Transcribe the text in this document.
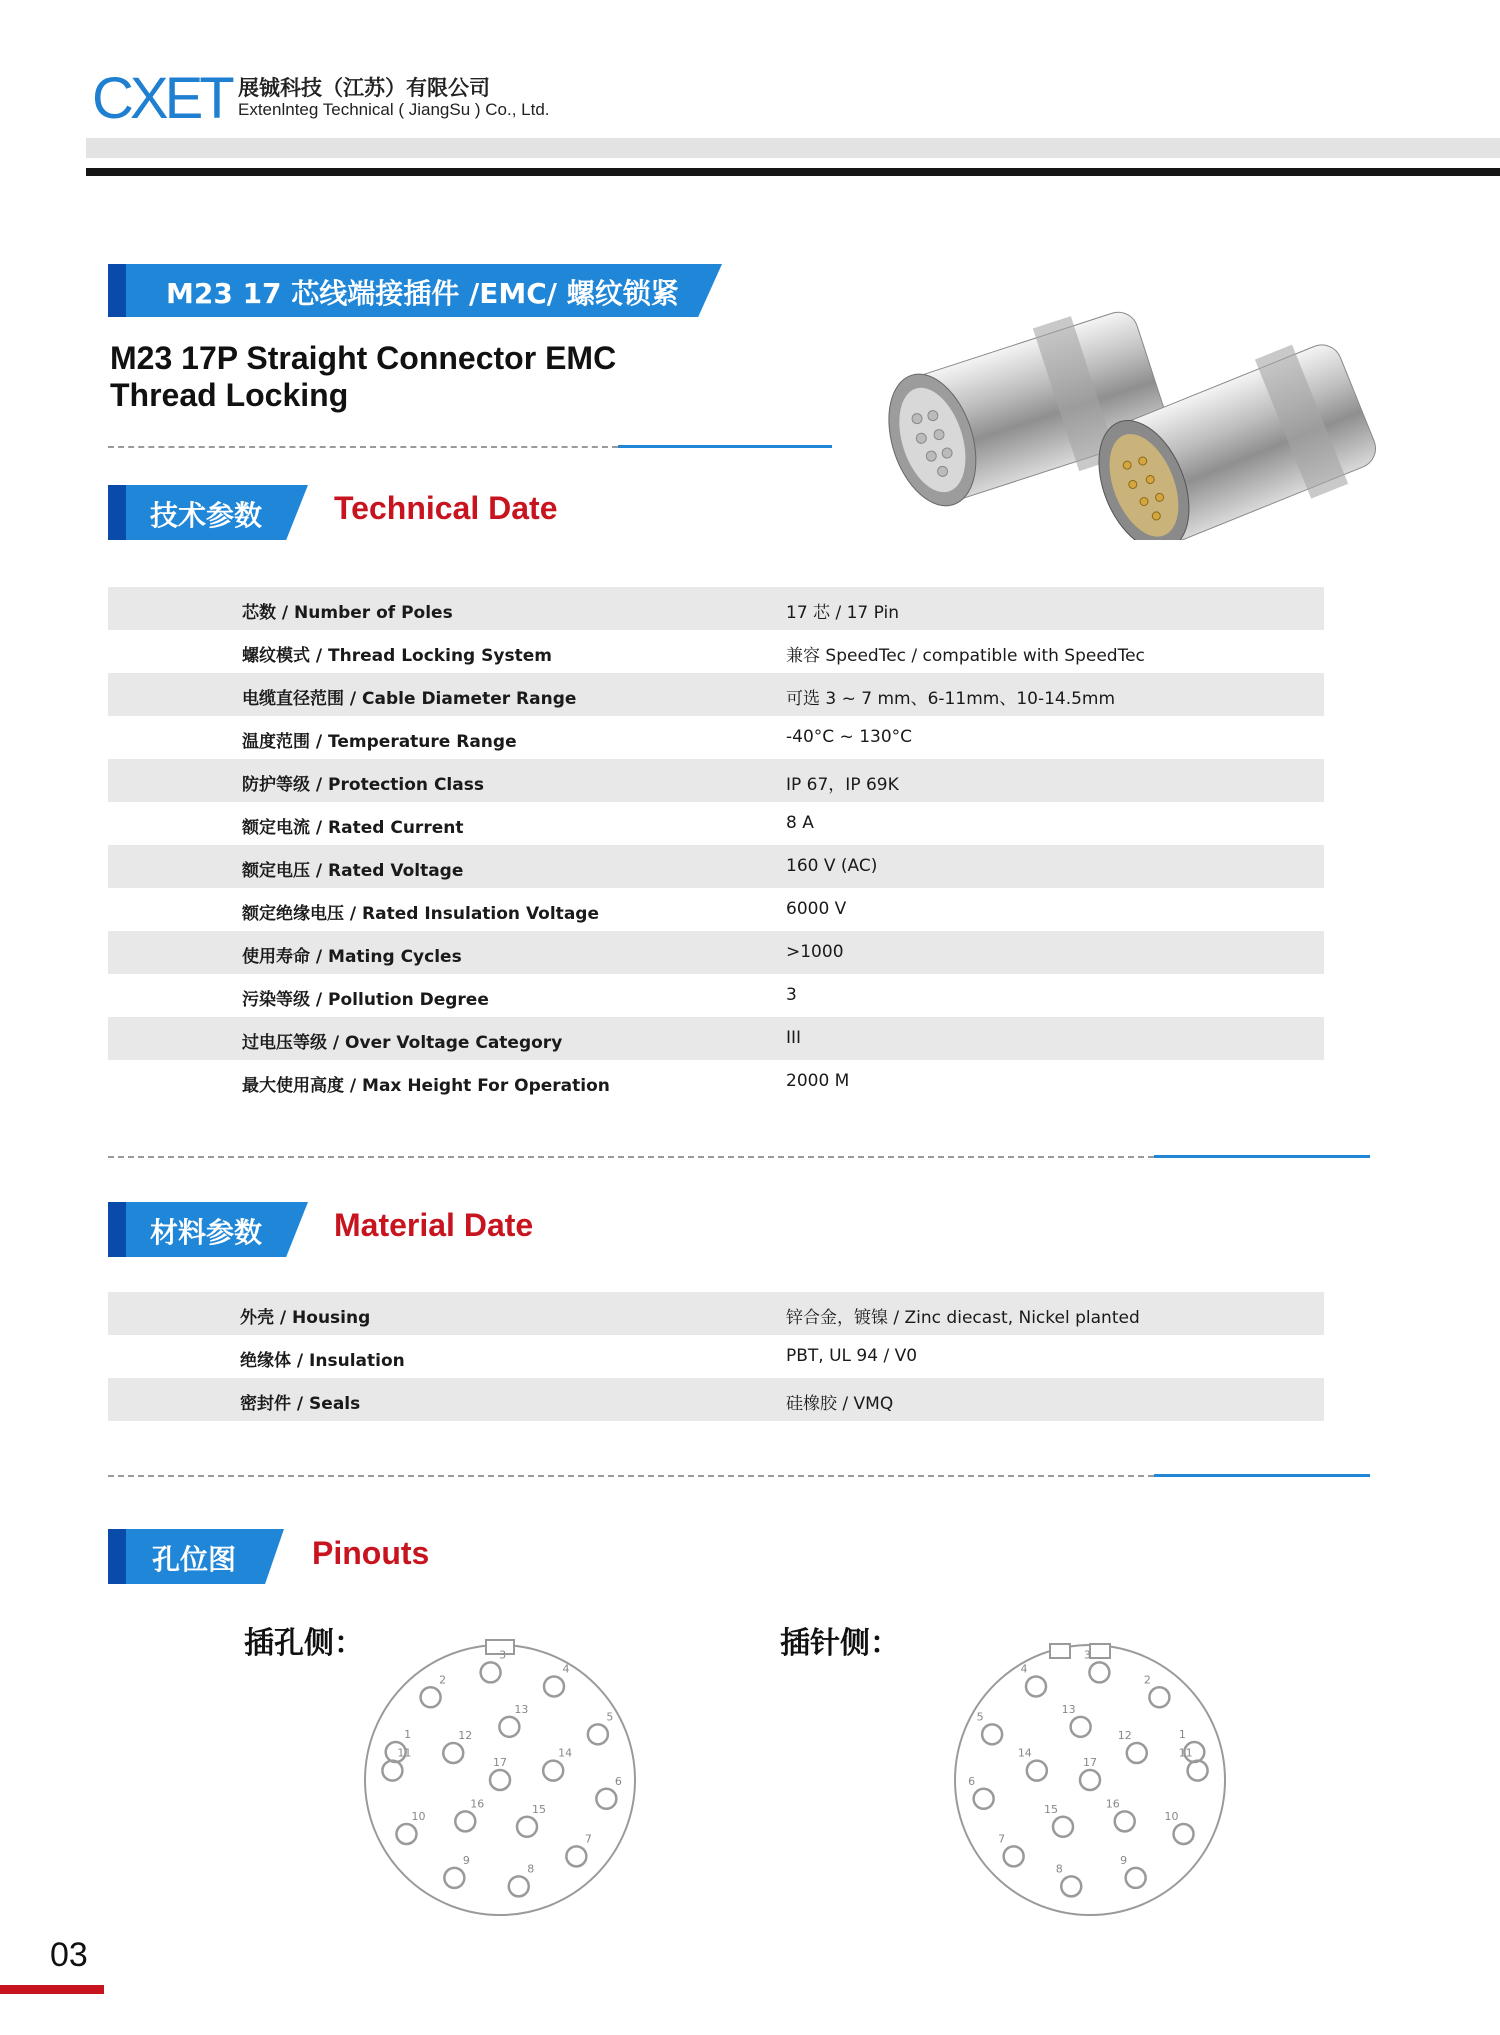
CXET 展铖科技（江苏）有限公司
Extenlnteg Technical ( JiangSu ) Co., Ltd.
M23 17 芯线端接插件 /EMC/ 螺纹锁紧
M23 17P Straight Connector EMC Thread Locking
技术参数 Technical Date
芯数 / Number of Poles	17 芯 / 17 Pin
螺纹模式 / Thread Locking System	兼容 SpeedTec / compatible with SpeedTec
电缆直径范围 / Cable Diameter Range	可选 3 ~ 7 mm、6-11mm、10-14.5mm
温度范围 / Temperature Range	-40°C ~ 130°C
防护等级 / Protection Class	IP 67，IP 69K
额定电流 / Rated Current	8 A
额定电压 / Rated Voltage	160 V (AC)
额定绝缘电压 / Rated Insulation Voltage	6000 V
使用寿命 / Mating Cycles	>1000
污染等级 / Pollution Degree	3
过电压等级 / Over Voltage Category	III
最大使用高度 / Max Height For Operation	2000 M
材料参数 Material Date
外壳 / Housing	锌合金，镀镍 / Zinc diecast, Nickel planted
绝缘体 / Insulation	PBT, UL 94 / V0
密封件 / Seals	硅橡胶 / VMQ
孔位图 Pinouts
插孔侧：	插针侧：
1
2
3
4
5
6
7
8
9
10
11
12
13
14
15
16
17
1
2
3
4
5
6
7
8
9
10
11
12
13
14
15	16
17
03
